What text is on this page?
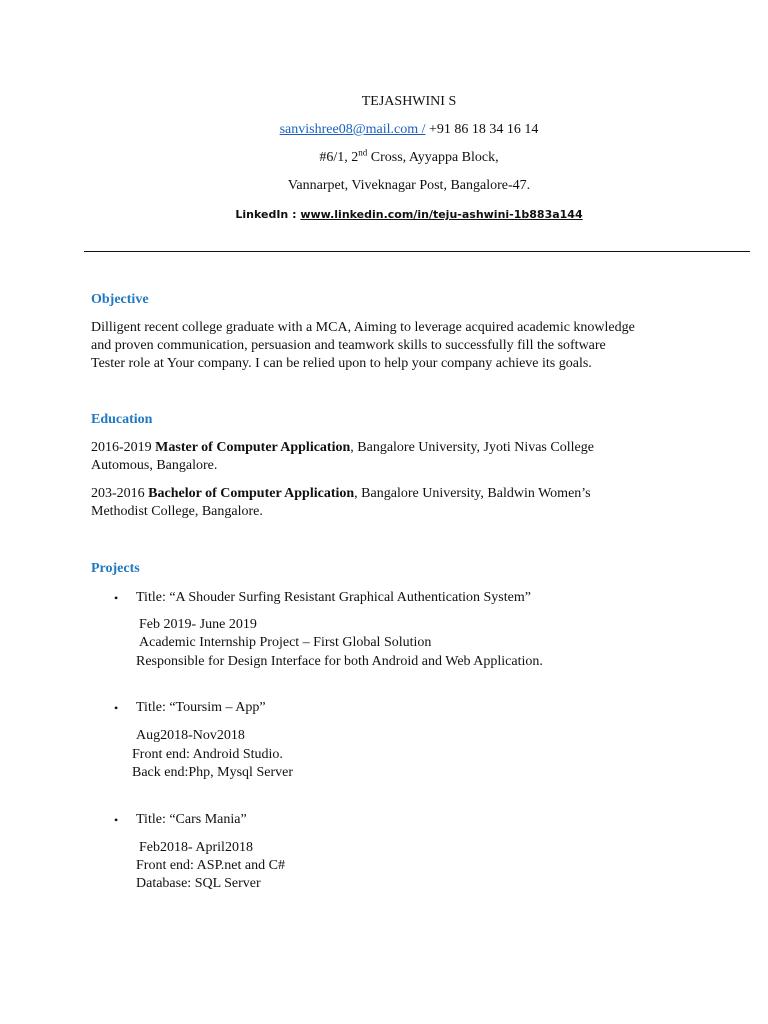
TEJASHWINI S
sanvishree08@mail.com / +91 86 18 34 16 14
#6/1, 2nd Cross, Ayyappa Block,
Vannarpet, Viveknagar Post, Bangalore-47.
LinkedIn : www.linkedin.com/in/teju-ashwini-1b883a144
Objective
Dilligent recent college graduate with a MCA, Aiming to leverage acquired academic knowledge
and proven communication, persuasion and teamwork skills to successfully fill the software
Tester role at Your company. I can be relied upon to help your company achieve its goals.
Education
2016-2019 Master of Computer Application, Bangalore University, Jyoti Nivas College
Automous, Bangalore.
203-2016 Bachelor of Computer Application, Bangalore University, Baldwin Women’s
Methodist College, Bangalore.
Projects
• Title: “A Shouder Surfing Resistant Graphical Authentication System”
Feb 2019- June 2019
Academic Internship Project – First Global Solution
Responsible for Design Interface for both Android and Web Application.
• Title: “Toursim – App”
Aug2018-Nov2018
Front end: Android Studio.
Back end:Php, Mysql Server
• Title: “Cars Mania”
Feb2018- April2018
Front end: ASP.net and C#
Database: SQL Server
